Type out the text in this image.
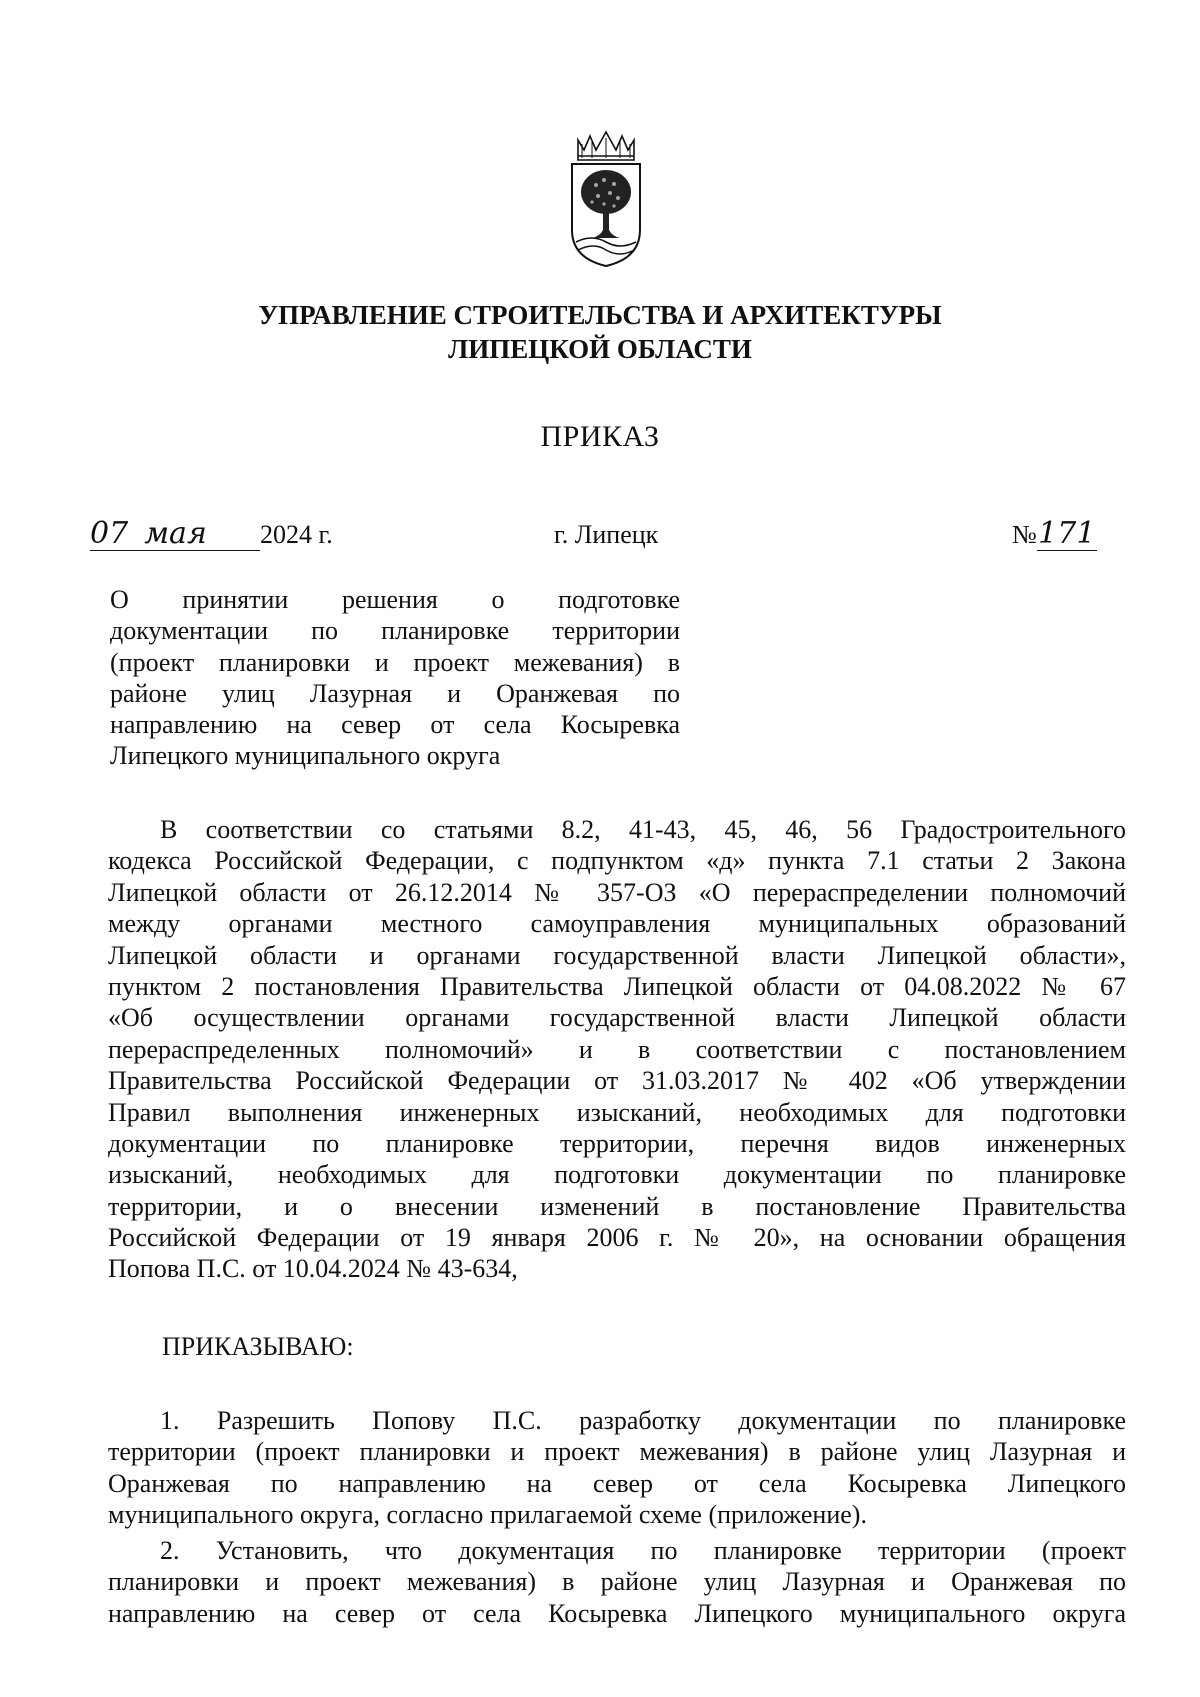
УПРАВЛЕНИЕ СТРОИТЕЛЬСТВА И АРХИТЕКТУРЫ
ЛИПЕЦКОЙ ОБЛАСТИ
ПРИКАЗ
07 мая 2024 г.	г. Липецк	№171
О принятии решения о подготовке
документации по планировке территории
(проект планировки и проект межевания) в
районе улиц Лазурная и Оранжевая по
направлению на север от села Косыревка
Липецкого муниципального округа
В соответствии со статьями 8.2, 41-43, 45, 46, 56 Градостроительного
кодекса Российской Федерации, с подпунктом «д» пункта 7.1 статьи 2 Закона
Липецкой области от 26.12.2014 № 357-ОЗ «О перераспределении полномочий
между органами местного самоуправления муниципальных образований
Липецкой области и органами государственной власти Липецкой области»,
пунктом 2 постановления Правительства Липецкой области от 04.08.2022 № 67
«Об осуществлении органами государственной власти Липецкой области
перераспределенных полномочий» и в соответствии с постановлением
Правительства Российской Федерации от 31.03.2017 № 402 «Об утверждении
Правил выполнения инженерных изысканий, необходимых для подготовки
документации по планировке территории, перечня видов инженерных
изысканий, необходимых для подготовки документации по планировке
территории, и о внесении изменений в постановление Правительства
Российской Федерации от 19 января 2006 г. № 20», на основании обращения
Попова П.С. от 10.04.2024 № 43-634,
ПРИКАЗЫВАЮ:
1. Разрешить Попову П.С. разработку документации по планировке
территории (проект планировки и проект межевания) в районе улиц Лазурная и
Оранжевая по направлению на север от села Косыревка Липецкого
муниципального округа, согласно прилагаемой схеме (приложение).
2. Установить, что документация по планировке территории (проект
планировки и проект межевания) в районе улиц Лазурная и Оранжевая по
направлению на север от села Косыревка Липецкого муниципального округа
